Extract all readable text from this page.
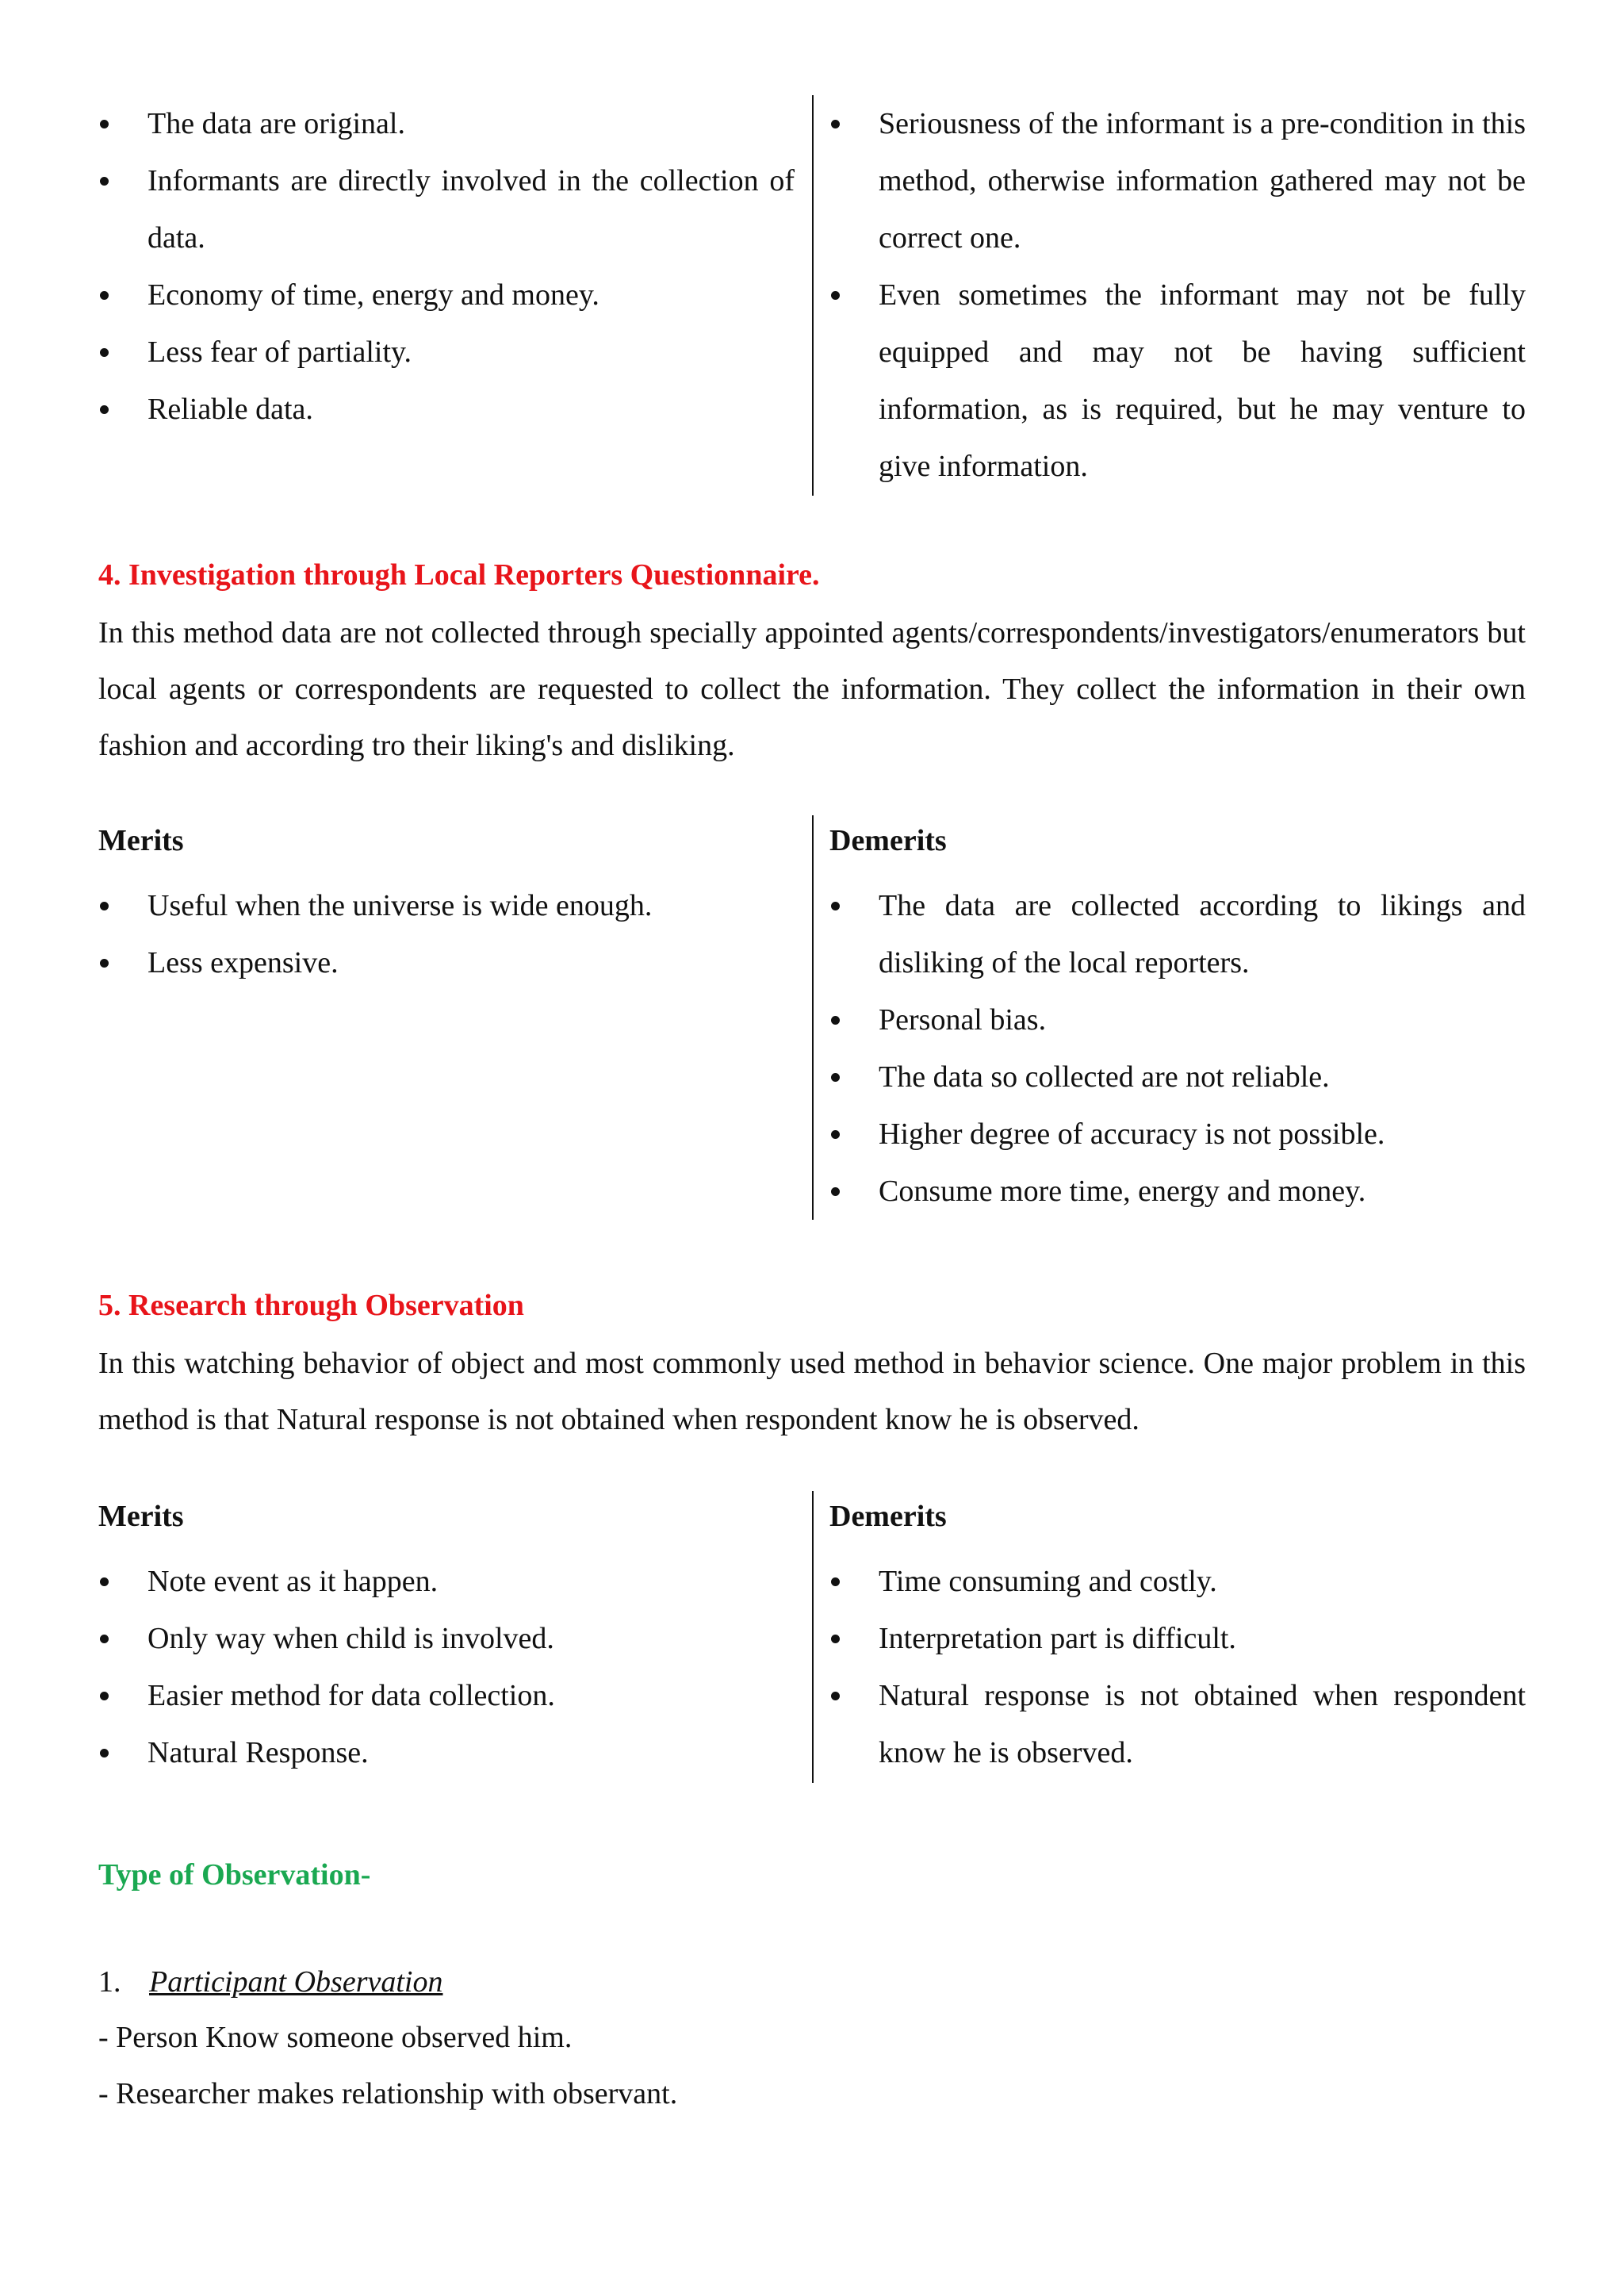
The data are original.
Informants are directly involved in the collection of data.
Economy of time, energy and money.
Less fear of partiality.
Reliable data.
Seriousness of the informant is a pre-condition in this method, otherwise information gathered may not be correct one.
Even sometimes the informant may not be fully equipped and may not be having sufficient information, as is required, but he may venture to give information.
4. Investigation through Local Reporters Questionnaire.

In this method data are not collected through specially appointed agents/correspondents/investigators/enumerators but local agents or correspondents are requested to collect the information. They collect the information in their own fashion and according tro their liking's and disliking.

Merits
Useful when the universe is wide enough.
Less expensive.
Demerits
The data are collected according to likings and disliking of the local reporters.
Personal bias.
The data so collected are not reliable.
Higher degree of accuracy is not possible.
Consume more time, energy and money.
5. Research through Observation

In this watching behavior of object and most commonly used method in behavior science. One major problem in this method is that Natural response is not obtained when respondent know he is observed.

Merits
Note event as it happen.
Only way when child is involved.
Easier method for data collection.
Natural Response.
Demerits
Time consuming and costly.
Interpretation part is difficult.
Natural response is not obtained when respondent know he is observed.
Type of Observation-
1. Participant Observation
- Person Know someone observed him.
- Researcher makes relationship with observant.
